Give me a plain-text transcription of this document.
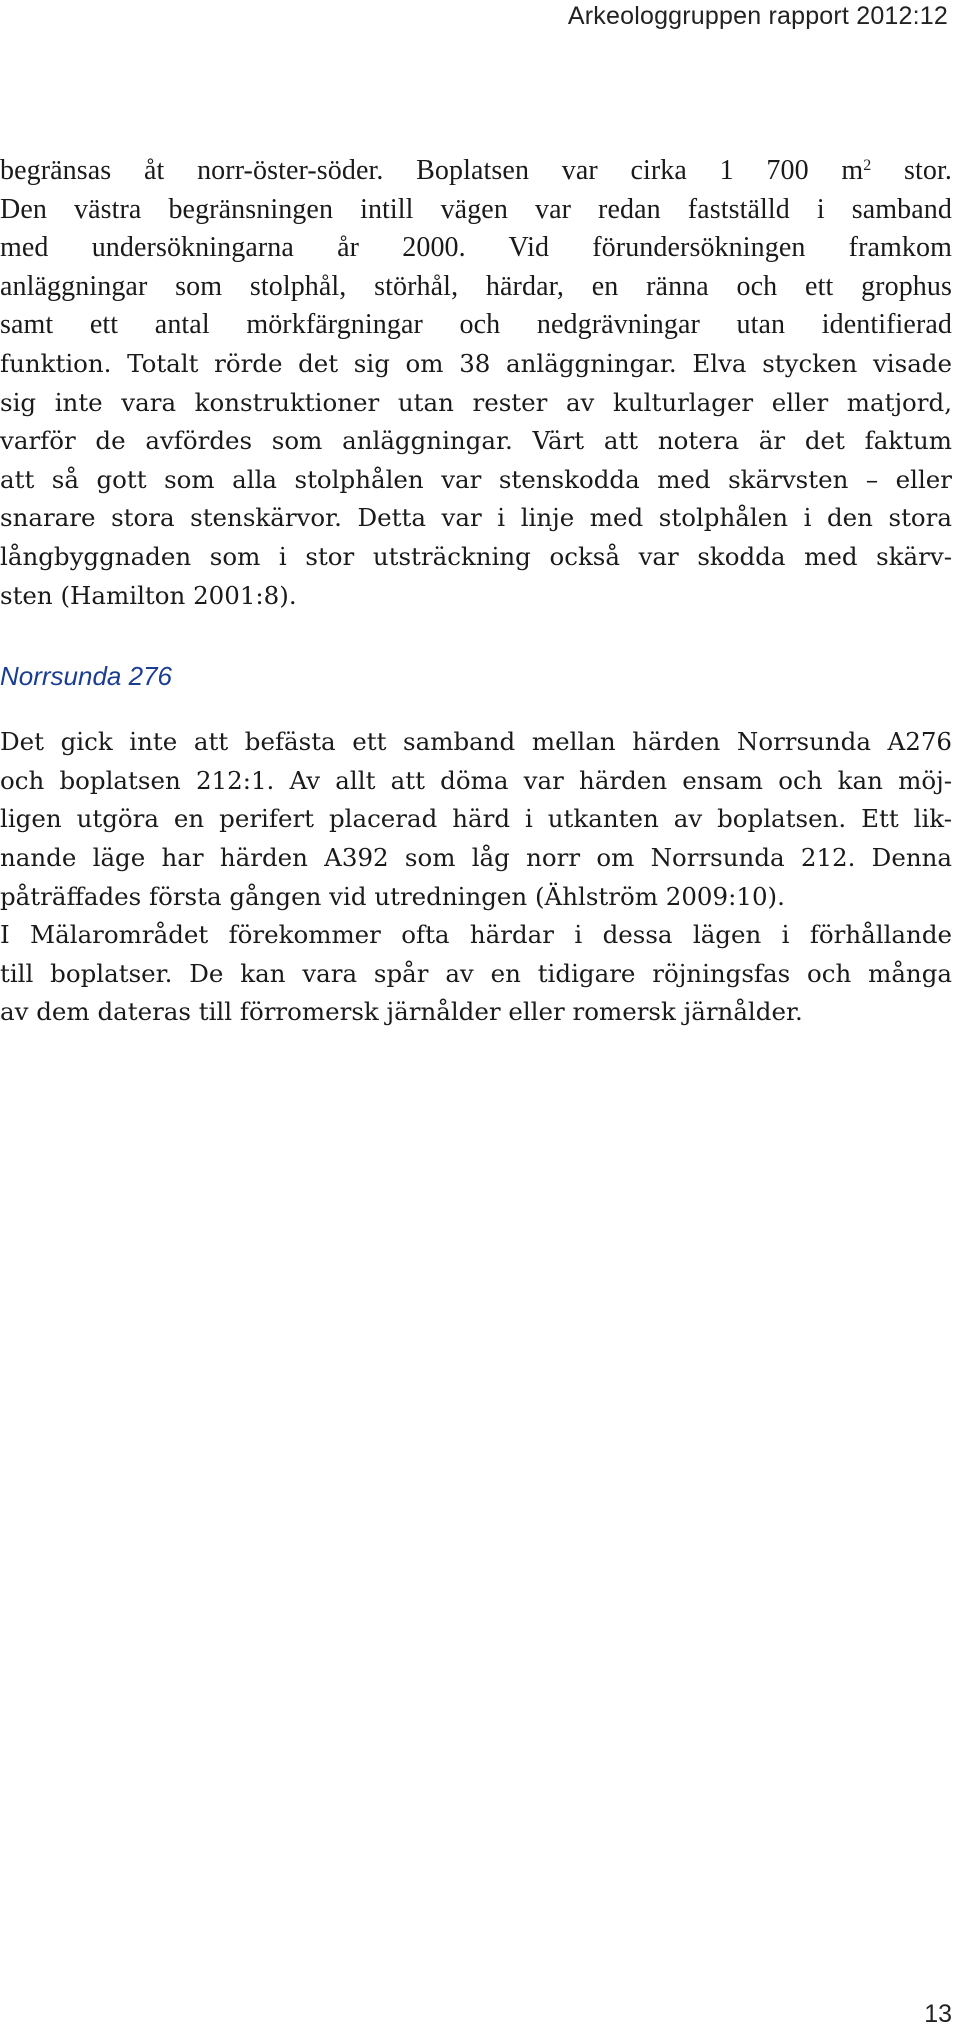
Arkeologgruppen rapport 2012:12

begränsas åt norr-öster-söder. Boplatsen var cirka 1 700 $m^2$ stor.
Den västra begränsningen intill vägen var redan fastställd i samband
med undersökningarna år 2000. Vid förundersökningen framkom
anläggningar som stolphål, störhål, härdar, en ränna och ett grophus
samt ett antal mörkfärgningar och nedgrävningar utan identifierad
funktion. Totalt rörde det sig om 38 anläggningar. Elva stycken visade
sig inte vara konstruktioner utan rester av kulturlager eller matjord,
varför de avfördes som anläggningar. Värt att notera är det faktum
att så gott som alla stolphålen var stenskodda med skärvsten – eller
snarare stora stenskärvor. Detta var i linje med stolphålen i den stora
långbyggnaden som i stor utsträckning också var skodda med skärv-
sten (Hamilton 2001:8).

Norrsunda 276

Det gick inte att befästa ett samband mellan härden Norrsunda A276
och boplatsen 212:1. Av allt att döma var härden ensam och kan möj-
ligen utgöra en perifert placerad härd i utkanten av boplatsen. Ett lik-
nande läge har härden A392 som låg norr om Norrsunda 212. Denna
påträffades första gången vid utredningen (Ählström 2009:10).
I Mälarområdet förekommer ofta härdar i dessa lägen i förhållande
till boplatser. De kan vara spår av en tidigare röjningsfas och många
av dem dateras till förromersk järnålder eller romersk järnålder.

13
